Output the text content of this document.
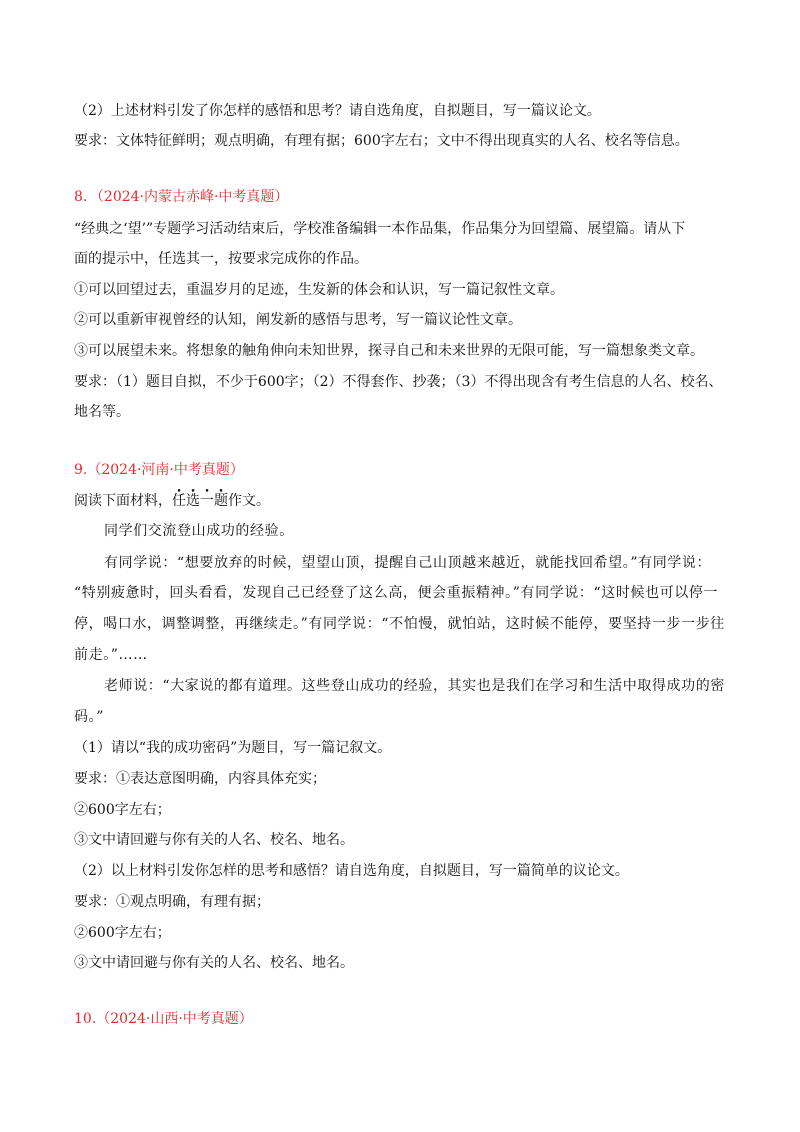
（2）上述材料引发了你怎样的感悟和思考？请自选角度，自拟题目，写一篇议论文。
要求：文体特征鲜明；观点明确，有理有据；600字左右；文中不得出现真实的人名、校名等信息。
8．（2024·内蒙古赤峰·中考真题）
“经典之‘望’”专题学习活动结束后，学校准备编辑一本作品集，作品集分为回望篇、展望篇。请从下
面的提示中，任选其一，按要求完成你的作品。
①可以回望过去，重温岁月的足迹，生发新的体会和认识，写一篇记叙性文章。
②可以重新审视曾经的认知，阐发新的感悟与思考，写一篇议论性文章。
③可以展望未来。将想象的触角伸向未知世界，探寻自己和未来世界的无限可能，写一篇想象类文章。
要求：（1）题目自拟，不少于600字；（2）不得套作、抄袭；（3）不得出现含有考生信息的人名、校名、
地名等。
9.（2024·河南·中考真题）
阅读下面材料，任选一题作文。
同学们交流登山成功的经验。
有同学说：“想要放弃的时候，望望山顶，提醒自己山顶越来越近，就能找回希望。”有同学说：
“特别疲惫时，回头看看，发现自己已经登了这么高，便会重振精神。”有同学说：“这时候也可以停一
停，喝口水，调整调整，再继续走。”有同学说：“不怕慢，就怕站，这时候不能停，要坚持一步一步往
前走。”……
老师说：“大家说的都有道理。这些登山成功的经验，其实也是我们在学习和生活中取得成功的密
码。”
（1）请以“我的成功密码”为题目，写一篇记叙文。
要求：①表达意图明确，内容具体充实；
②600字左右；
③文中请回避与你有关的人名、校名、地名。
（2）以上材料引发你怎样的思考和感悟？请自选角度，自拟题目，写一篇简单的议论文。
要求：①观点明确，有理有据；
②600字左右；
③文中请回避与你有关的人名、校名、地名。
10.（2024·山西·中考真题）
